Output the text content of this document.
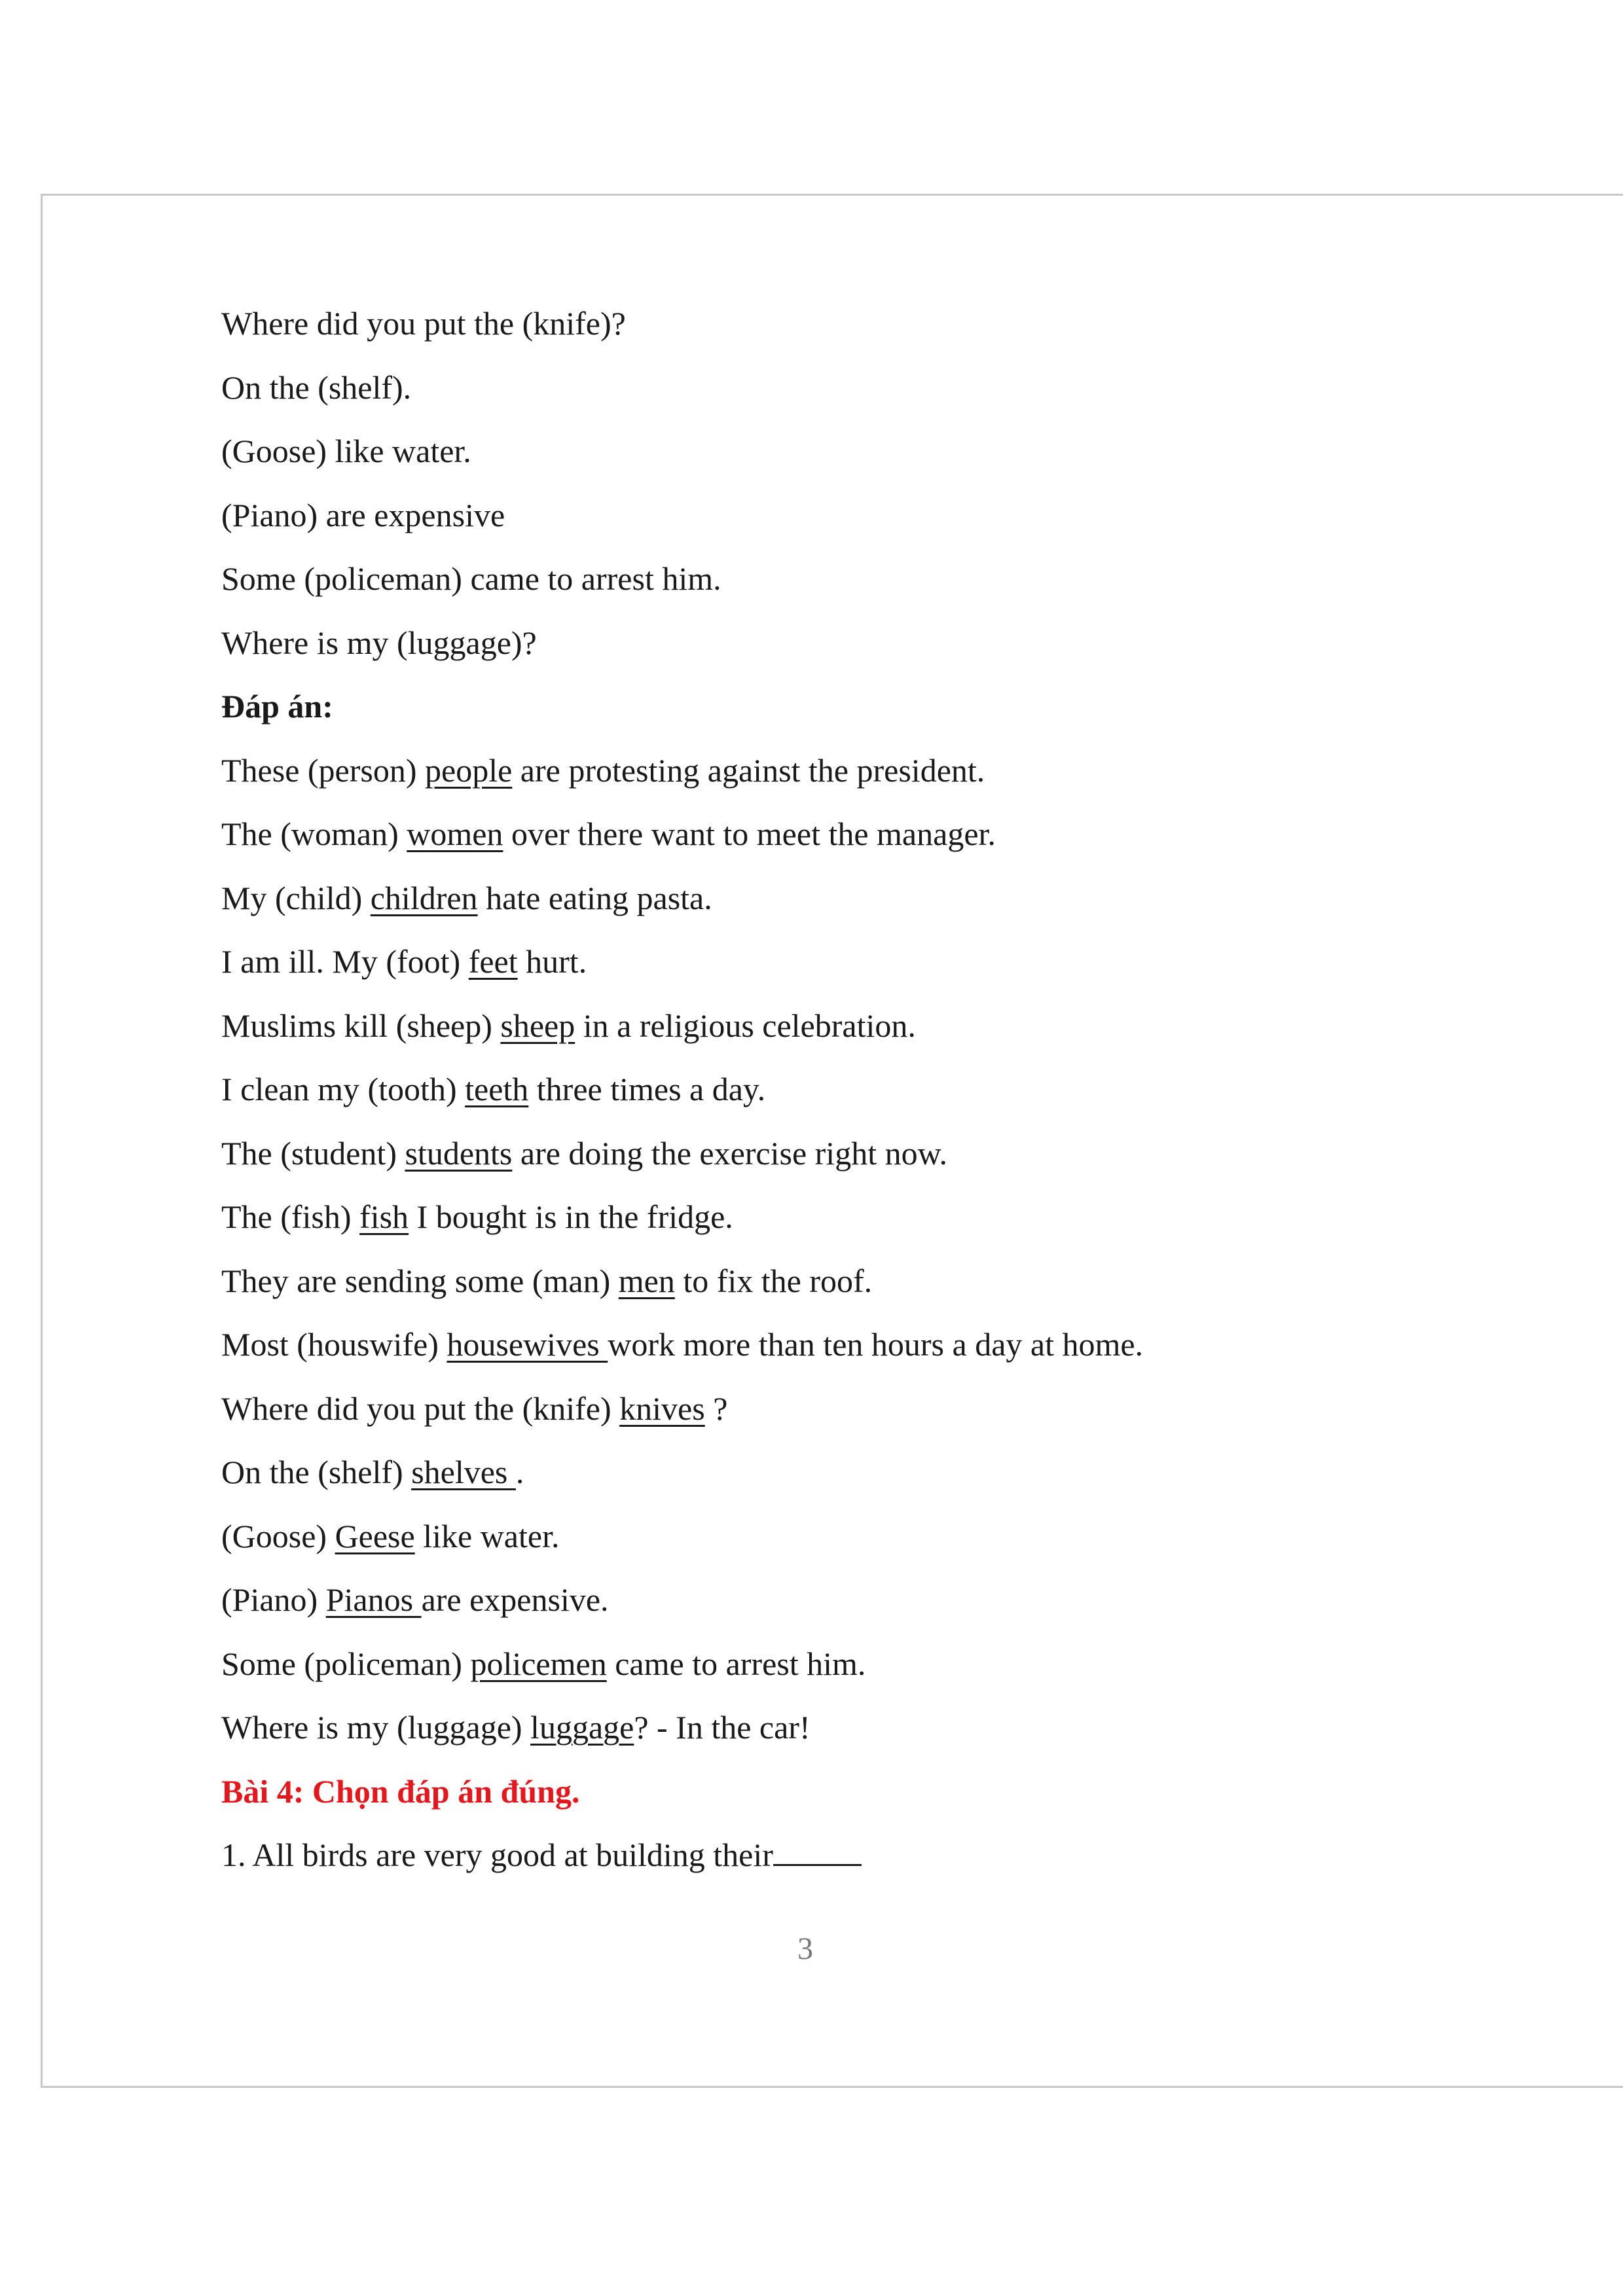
Where did you put the (knife)?
On the (shelf).
(Goose) like water.
(Piano) are expensive
Some (policeman) came to arrest him.
Where is my (luggage)?
Đáp án:
These (person) people are protesting against the president.
The (woman) women over there want to meet the manager.
My (child) children hate eating pasta.
I am ill. My (foot) feet hurt.
Muslims kill (sheep) sheep in a religious celebration.
I clean my (tooth) teeth three times a day.
The (student) students are doing the exercise right now.
The (fish) fish I bought is in the fridge.
They are sending some (man) men to fix the roof.
Most (houswife) housewives work more than ten hours a day at home.
Where did you put the (knife) knives ?
On the (shelf) shelves .
(Goose) Geese like water.
(Piano) Pianos are expensive.
Some (policeman) policemen came to arrest him.
Where is my (luggage) luggage? - In the car!
Bài 4: Chọn đáp án đúng.
1. All birds are very good at building their
3
